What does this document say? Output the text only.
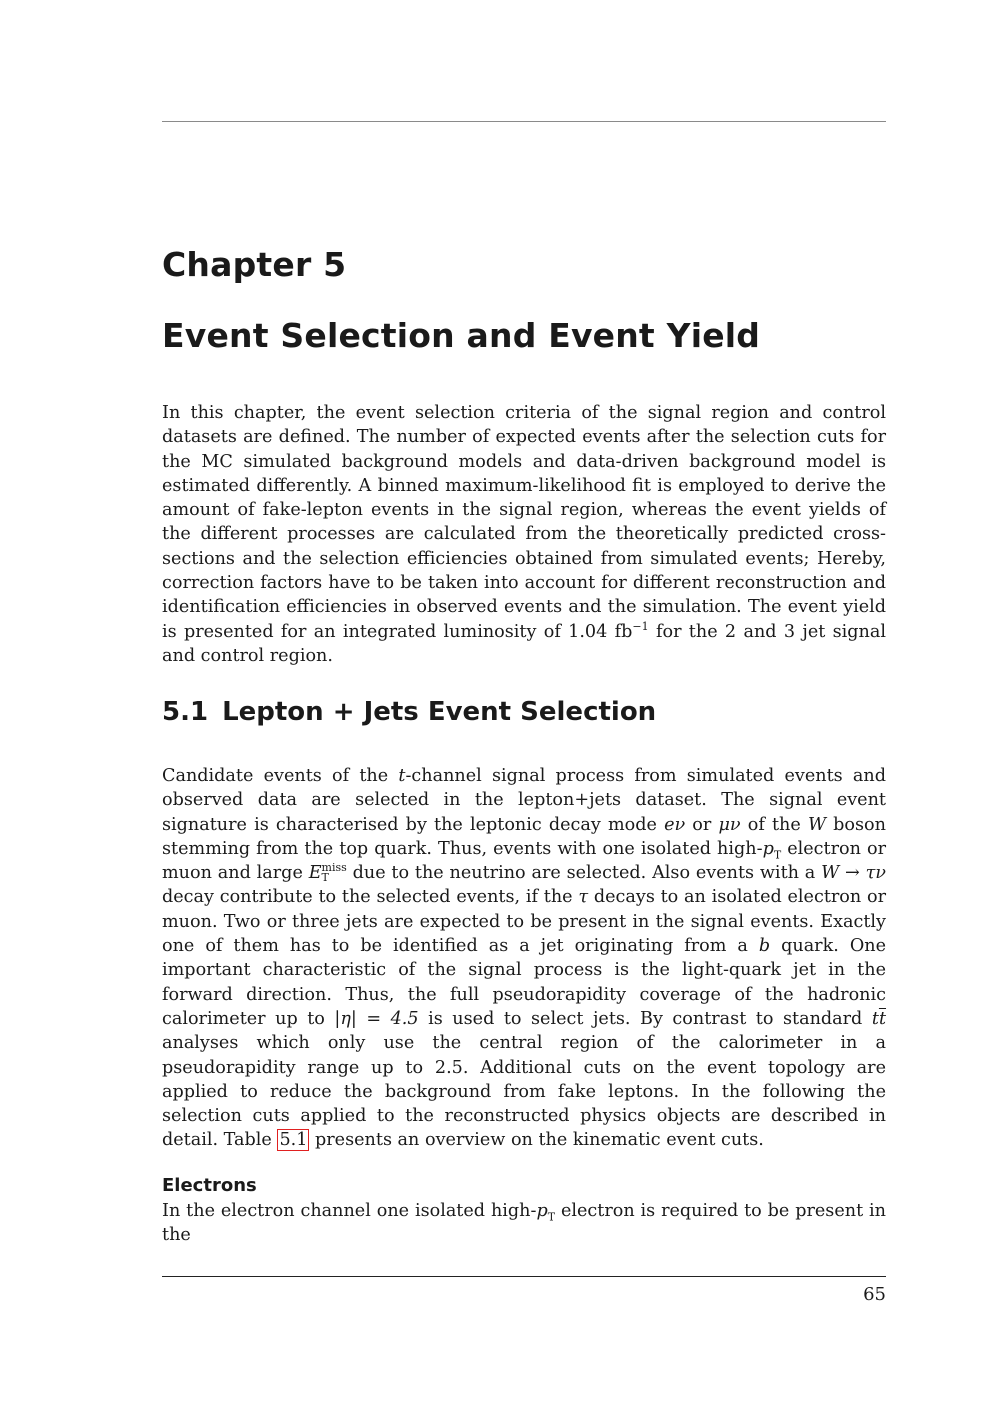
Chapter 5
Event Selection and Event Yield

In this chapter, the event selection criteria of the signal region and control datasets are defined. The number of expected events after the selection cuts for the MC simulated background models and data-driven background model is estimated differently. A binned maximum-likelihood fit is employed to derive the amount of fake-lepton events in the signal region, whereas the event yields of the different processes are calculated from the theoretically predicted cross-sections and the selection efficiencies obtained from simulated events; Hereby, correction factors have to be taken into account for different reconstruction and identification efficiencies in observed events and the simulation. The event yield is presented for an integrated luminosity of 1.04 $fb^{-1}$ for the 2 and 3 jet signal and control region.

5.1 Lepton + Jets Event Selection

Candidate events of the t-channel signal process from simulated events and observed data are selected in the lepton+jets dataset. The signal event signature is characterised by the leptonic decay mode eν or μν of the W boson stemming from the top quark. Thus, events with one isolated high-$p_T$ electron or muon and large E miss
T	due to the neutrino are selected. Also events with a W → τν decay contribute to the selected events, if the τ decays to an isolated electron or muon. Two or three jets are expected to be present in the signal events. Exactly one of them has to be identified as a jet originating from a b quark. One important characteristic of the signal process is the light-quark jet in the forward direction. Thus, the full pseudorapidity coverage of the hadronic calorimeter up to |η| = 4.5 is used to select jets. By contrast to standard $t\overline{t}$ analyses which only use the central region of the calorimeter in a pseudorapidity range up to 2.5. Additional cuts on the event topology are applied to reduce the background from fake leptons. In the following the selection cuts applied to the reconstructed physics objects are described in detail. Table 5.1 presents an overview on the kinematic event cuts.

Electrons

In the electron channel one isolated high-$p_T$ electron is required to be present in the

65
